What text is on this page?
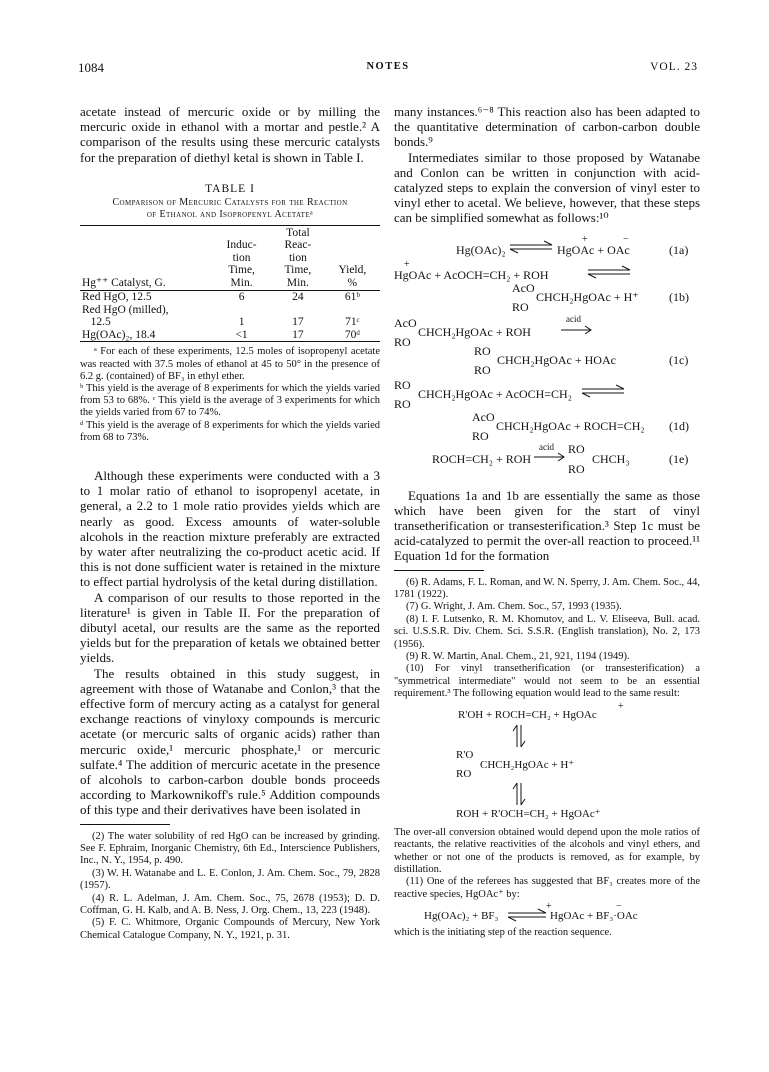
1084	NOTES	VOL. 23

acetate instead of mercuric oxide or by milling the mercuric oxide in ethanol with a mortar and pestle.² A comparison of the results using these mercuric catalysts for the preparation of diethyl ketal is shown in Table I.

TABLE I
Comparison of Mercuric Catalysts for the Reaction
of Ethanol and Isopropenyl Acetateᵃ
Hg⁺⁺ Catalyst, G.	Induc-
tion
Time,
Min.	Total
Reac-
tion
Time,
Min.	Yield,
%
Red HgO, 12.5	6	24	61ᵇ
Red HgO (milled),			
12.5	1	17	71ᶜ
Hg(OAc)₂, 18.4	<1	17	70ᵈ

ᵃ For each of these experiments, 12.5 moles of isopropenyl acetate was reacted with 37.5 moles of ethanol at 45 to 50° in the presence of 6.2 g. (contained) of BF₃ in ethyl ether.

ᵇ This yield is the average of 8 experiments for which the yields varied from 53 to 68%. ᶜ This yield is the average of 3 experiments for which the yields varied from 67 to 74%.

ᵈ This yield is the average of 8 experiments for which the yields varied from 68 to 73%.

Although these experiments were conducted with a 3 to 1 molar ratio of ethanol to isopropenyl acetate, in general, a 2.2 to 1 mole ratio provides yields which are nearly as good. Excess amounts of water-soluble alcohols in the reaction mixture preferably are extracted by water after neutralizing the co-product acetic acid. If this is not done sufficient water is retained in the mixture to effect partial hydrolysis of the ketal during distillation.

A comparison of our results to those reported in the literature¹ is given in Table II. For the preparation of dibutyl acetal, our results are the same as the reported yields but for the preparation of ketals we obtained better yields.

The results obtained in this study suggest, in agreement with those of Watanabe and Conlon,³ that the effective form of mercury acting as a catalyst for general exchange reactions of vinyloxy compounds is mercuric acetate (or mercuric salts of organic acids) rather than mercuric oxide,¹ mercuric phosphate,¹ or mercuric sulfate.⁴ The addition of mercuric acetate in the presence of alcohols to carbon-carbon double bonds proceeds according to Markownikoff's rule.⁵ Addition compounds of this type and their derivatives have been isolated in

(2) The water solubility of red HgO can be increased by grinding. See F. Ephraim, Inorganic Chemistry, 6th Ed., Interscience Publishers, Inc., N. Y., 1954, p. 490.

(3) W. H. Watanabe and L. E. Conlon, J. Am. Chem. Soc., 79, 2828 (1957).

(4) R. L. Adelman, J. Am. Chem. Soc., 75, 2678 (1953); D. D. Coffman, G. H. Kalb, and A. B. Ness, J. Org. Chem., 13, 223 (1948).

(5) F. C. Whitmore, Organic Compounds of Mercury, New York Chemical Catalogue Company, N. Y., 1921, p. 31.

many instances.⁶⁻⁸ This reaction also has been adapted to the quantitative determination of carbon-carbon double bonds.⁹

Intermediates similar to those proposed by Watanabe and Conlon can be written in conjunction with acid-catalyzed steps to explain the conversion of vinyl ester to vinyl ether to acetal. We believe, however, that these steps can be simplified somewhat as follows:¹⁰

Hg(OAc)₂ ⇌
+	−
HgOAc + OAc	(1a)
+
HgOAc + AcOCH=CH₂ + ROH
AcO
CHCH₂HgOAc + H⁺
RO
(1b)
AcO
CHCH₂HgOAc + ROH
RO
acid
RO
CHCH₂HgOAc + HOAc
RO
(1c)
RO
CHCH₂HgOAc + AcOCH=CH₂ ⇌
RO
AcO
CHCH₂HgOAc + ROCH=CH₂
RO
(1d)
ROCH=CH₂ + ROH
acid RO
CHCH₃
RO
(1e)

Equations 1a and 1b are essentially the same as those which have been given for the start of vinyl transetherification or transesterification.³ Step 1c must be acid-catalyzed to permit the over-all reaction to proceed.¹¹ Equation 1d for the formation

(6) R. Adams, F. L. Roman, and W. N. Sperry, J. Am. Chem. Soc., 44, 1781 (1922).

(7) G. Wright, J. Am. Chem. Soc., 57, 1993 (1935).

(8) I. F. Lutsenko, R. M. Khomutov, and L. V. Eliseeva, Bull. acad. sci. U.S.S.R. Div. Chem. Sci. S.S.R. (English translation), No. 2, 173 (1956).

(9) R. W. Martin, Anal. Chem., 21, 921, 1194 (1949).

(10) For vinyl transetherification (or transesterification) a "symmetrical intermediate" would not seem to be an essential requirement.³ The following equation would lead to the same result:

+
R'OH + ROCH=CH₂ + HgOAc
R'O
CHCH₂HgOAc + H⁺
RO
ROH + R'OCH=CH₂ + HgOAc⁺

The over-all conversion obtained would depend upon the mole ratios of reactants, the relative reactivities of the alcohols and vinyl ethers, and whether or not one of the products is removed, as for example, by distillation.

(11) One of the referees has suggested that BF₃ creates more of the reactive species, HgOAc⁺ by:

+	−
Hg(OAc)₂ + BF₃ ⇌ HgOAc + BF₃·OAc

which is the initiating step of the reaction sequence.
